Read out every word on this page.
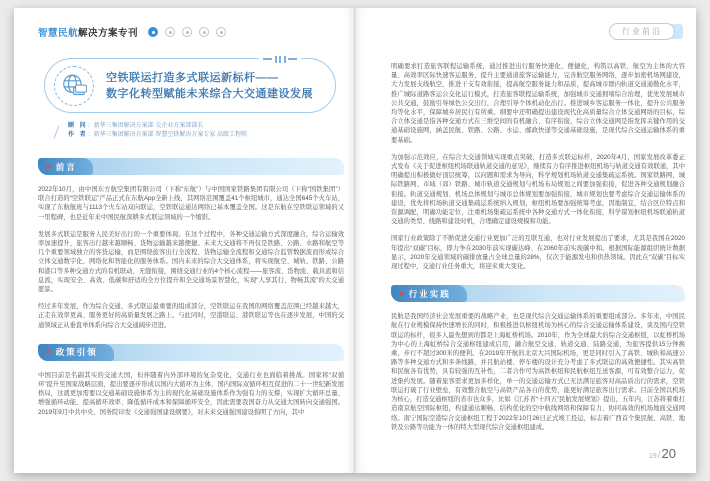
智慧民航解决方案专刊
空铁联运打造多式联运新标杆——
数字化转型赋能未来综合大交通建设发展
顾 问：新华三集团解决方案部 交企业方案部部长
作 者：新华三集团解决方案部 智慧空铁解决方案专家 高级工程师
➤ 前言

2022年10月，由中国东方航空集团有限公司（下称“东航”）与中国国家铁路集团有限公司（下称“国铁集团”）联合打造的“空铁联运”产品正式在东航App全新上线，其网络范围覆盖41个枢纽城市，通达全国645个火车站，实现了东航航班与1113个火车站双向联运，空铁联运通达网络已基本覆盖全国。这是东航在空铁联运领域的又一里程碑，也是近年来中国民航深耕多式联运领域的一个缩影。

发展多式联运是服务人民美好出行的一个重要体现。在这个过程中，各种交通运输方式深度融合，综合运输效率加速提升，旅客出行越来越顺畅、货物运输越来越便捷。未来大交通将不再仅是铁路、公路、水路和航空等几个重要领域独立的客货运输，而是围绕旅客出行全流程、货物运输全流程和交通综合监管数据流而形成综合立体交通数字化、网络化和智能化的服务体系。国内未来的综合大交通体系，将实现航空、城轨、铁路、公路和港口等多种交通方式的有机联动、无缝衔接，围绕交通行业的4个核心流程——旅客流、货物流、载具流和信息流，实现安全、高效、低碳和舒适的全方位提升和全交通场景智慧化，实现“人享其行、物畅其流”的大交通愿景。

经过多年发展，作为综合交通、多式联运最重要的组成部分，空铁联运在我国的网络覆盖范围已经越来越大，正走在效率更高、服务更好的高质量发展之路上。与此同时，空港联运、港铁联运等也在逐步发展，中国的交通领域正从垂直单体系向综合大交通阔步迈进。

➤ 政策引领

中国目前是名副其实的交通大国，但伴随着内外部环境的复杂变化，交通行业也面临着挑战。国家将“双循环”提升至国家战略层面，提出要逐步形成以国内大循环为主体、国内国际双循环相互促进的二十一世纪新发展格局，这就更加需要以交通基础设施体系为主的现代化基础设施体系作为强有力的支撑，实现扩大循环总量、增强循环动能、提高循环效率、降低循环成本和保障循环安全，因此需要我国奋力从交通大国转向交通强国。2019年9月中共中央、国务院印发《交通强国建设纲要》，对未来交通强国建设指明了方向，其中

行业前沿

明确要求打造旅客联程运输系统，通过推进出行服务快速化、便捷化，构筑以高铁、航空为主体的大容量、高效率区际快速客运服务，提升主要通道旅客运输能力，完善航空服务网络，逐步加密机场网建设，大力发展支线航空，推进干支有效衔接，提高航空服务能力和品质，提高城市群内轨道交通通勤化水平，推广城际道路客运公交化运行模式，打造旅客联程运输系统，加强城市交通拥堵综合治理，优先发展城市公共交通，鼓励引导绿色公交出行，合理引导个体机动化出行。推进城乡客运服务一体化，提升公共服务均等化水平，保障城乡居民行有所乘。纲要中还明确提出建设现代化高质量综合立体交通网络的目标，综合立体交通是指各种交通方式在三维空间的有机融合、有序衔接，综合立体交通网是指发挥关键作用的交通基础设施网，涵盖民航、铁路、公路、水运、邮政快递等交通基础设施，是现代综合交通运输体系的重要基础。

为加强示范效应，在综合大交通领域实现重点突破，打造多式联运标杆，2020年4月，国家发展改革委正式发布《关于促进枢纽机场联通轨道交通的意见》，继续有力有序推进枢纽机场与轨道交通有效联通，其中明确提出积极做好顶层统筹，以问题和需求为导向，科学规划机场轨道交通集疏运系统。国家铁路网、城际铁路网、市域（郊）铁路、城市轨道交通规划与机场布局规划之间要加强衔接，促进各种交通规划融合衔接。轨道交通规划、机场总体规划与城市总体规划要加强衔接，城市规划也要考虑综合交通运输体系的建设，优先将机场轨道交通集疏运系统纳入规划，枢纽机场要加强统筹考虑，因地制宜，结合区位特点和资源调配，明确功能定位，注重机场集疏运系统中各种交通方式一体化衔接，科学谋划枢纽机场联通轨道交通的类型、线路和建设时机，合理确定建设规模和功能。

国家行业政策除了不断促进交通行业更加广泛的互联互通，也对行业发展提出了要求，尤其是我国在2020年提出“双碳”目标，即力争在2030年前实现碳达峰、在2060年前实现碳中和。根据国际能源组织统计数据显示，2020年交通领域的碳排放量占全球总量的28%，仅次于能源发电和供热领域。因此在“双碳”目标实现过程中，交通行业任务重大，将迎来重大变化。

➤ 行业实践

民航是我国经济社会发展重要的战略产业，也是现代综合交通运输体系的重要组成部分。多年来，中国民航在行业规模保持快速增长的同时，积极推进以枢纽机场为核心的综合交通运输体系建设，谈及国内空铁联运的标杆，很多人最先想到的都是上海虹桥机场。2010年，作为全球最大的综合交通枢纽，以虹桥机场为中心的上海虹桥综合交通枢纽建成启用，融合航空交通、轨道交通、陆路交通，为旅客提供15分钟换乘、步行不超过300米的便利。在2019年开航的北京大兴国际机场，更是同时引入了高铁、城轨和高速公路等多种交通方式和多条线路，并且航站楼、停车楼的设计充分考虑了多式联运的高效便捷性。其实高铁和民航各有优势，具有较强的互补性，二者合作可为高铁枢纽和民航枢纽互送客源，可有效整合运力，促进集约发展。随着旅客需求更加多样化，单一的交通运输方式已无法满足旅客对高品质出行的需求，空铁联运打破了行业壁垒，有效整合航空与高铁产品各自的优势，能更好满足旅客出行需求。目前全国以机场为核心，打造交通枢纽的省市也众多，比如《江苏省“十四五”民航发展规划》提出，五年内，江苏将着重打造南京航空国际枢纽，构建通达顺畅、结构优化的空中航线网络和保障有力、协同高效的机场地面交通网络。南宁国际空港综合交通枢纽工程于2022年10月26日正式竣工投运，标志着广西首个集民航、高铁、地铁及公路等功能为一体的特大型现代综合交通枢纽建成。

19 / 20
